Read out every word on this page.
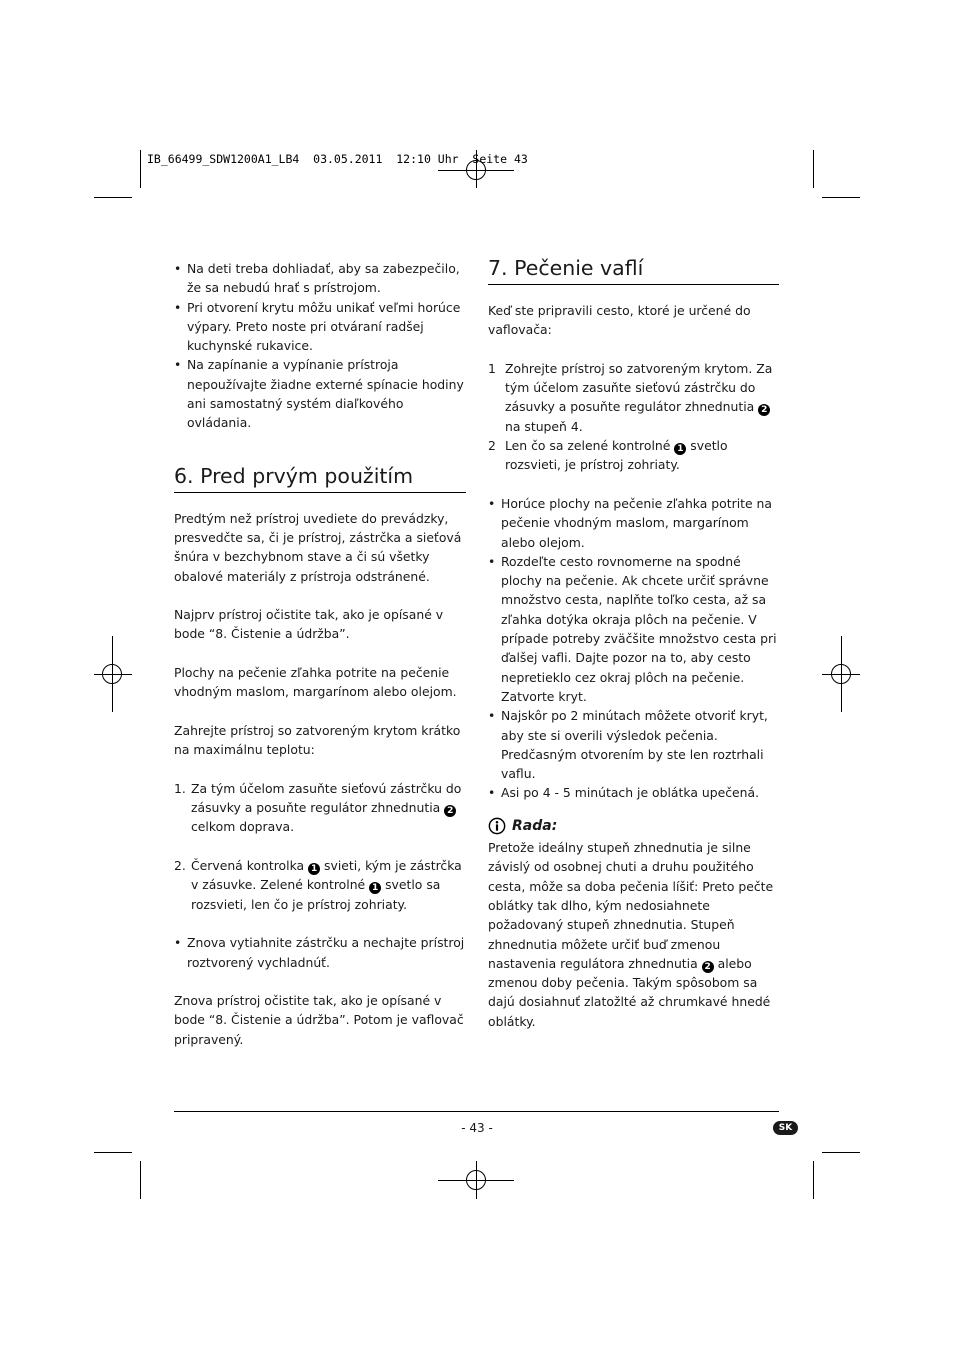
IB_66499_SDW1200A1_LB4  03.05.2011  12:10 Uhr  Seite 43
• Na deti treba dohliadať, aby sa zabezpečilo, že sa nebudú hrať s prístrojom.
• Pri otvorení krytu môžu unikať veľmi horúce výpary. Preto noste pri otváraní radšej kuchynské rukavice.
• Na zapínanie a vypínanie prístroja nepoužívajte žiadne externé spínacie hodiny ani samostatný systém diaľkového ovládania.
6. Pred prvým použitím

Predtým než prístroj uvediete do prevádzky, presvedčte sa, či je prístroj, zástrčka a sieťová šnúra v bezchybnom stave a či sú všetky obalové materiály z prístroja odstránené.

Najprv prístroj očistite tak, ako je opísané v bode “8. Čistenie a údržba”.

Plochy na pečenie zľahka potrite na pečenie vhodným maslom, margarínom alebo olejom.

Zahrejte prístroj so zatvoreným krytom krátko na maximálnu teplotu:

1. Za tým účelom zasuňte sieťovú zástrčku do zásuvky a posuňte regulátor zhnednutia 2 celkom doprava.
2. Červená kontrolka 1 svieti, kým je zástrčka v zásuvke. Zelené kontrolné 1 svetlo sa rozsvieti, len čo je prístroj zohriaty.
• Znova vytiahnite zástrčku a nechajte prístroj roztvorený vychladnúť.

Znova prístroj očistite tak, ako je opísané v bode “8. Čistenie a údržba”. Potom je vaflovač pripravený.

7. Pečenie vaflí

Keď ste pripravili cesto, ktoré je určené do vaflovača:

1 Zohrejte prístroj so zatvoreným krytom. Za tým účelom zasuňte sieťovú zástrčku do zásuvky a posuňte regulátor zhnednutia 2 na stupeň 4.
2 Len čo sa zelené kontrolné 1 svetlo rozsvieti, je prístroj zohriaty.
• Horúce plochy na pečenie zľahka potrite na pečenie vhodným maslom, margarínom alebo olejom.
• Rozdeľte cesto rovnomerne na spodné plochy na pečenie. Ak chcete určiť správne množstvo cesta, naplňte toľko cesta, až sa zľahka dotýka okraja plôch na pečenie. V prípade potreby zväčšite množstvo cesta pri ďalšej vafli. Dajte pozor na to, aby cesto nepretieklo cez okraj plôch na pečenie. Zatvorte kryt.
• Najskôr po 2 minútach môžete otvoriť kryt, aby ste si overili výsledok pečenia. Predčasným otvorením by ste len roztrhali vaflu.
• Asi po 4 - 5 minútach je oblátka upečená.
Rada:

Pretože ideálny stupeň zhnednutia je silne závislý od osobnej chuti a druhu použitého cesta, môže sa doba pečenia líšiť: Preto pečte oblátky tak dlho, kým nedosiahnete požadovaný stupeň zhnednutia. Stupeň zhnednutia môžete určiť buď zmenou nastavenia regulátora zhnednutia 2 alebo zmenou doby pečenia. Takým spôsobom sa dajú dosiahnuť zlatožlté až chrumkavé hnedé oblátky.

- 43 -	SK
